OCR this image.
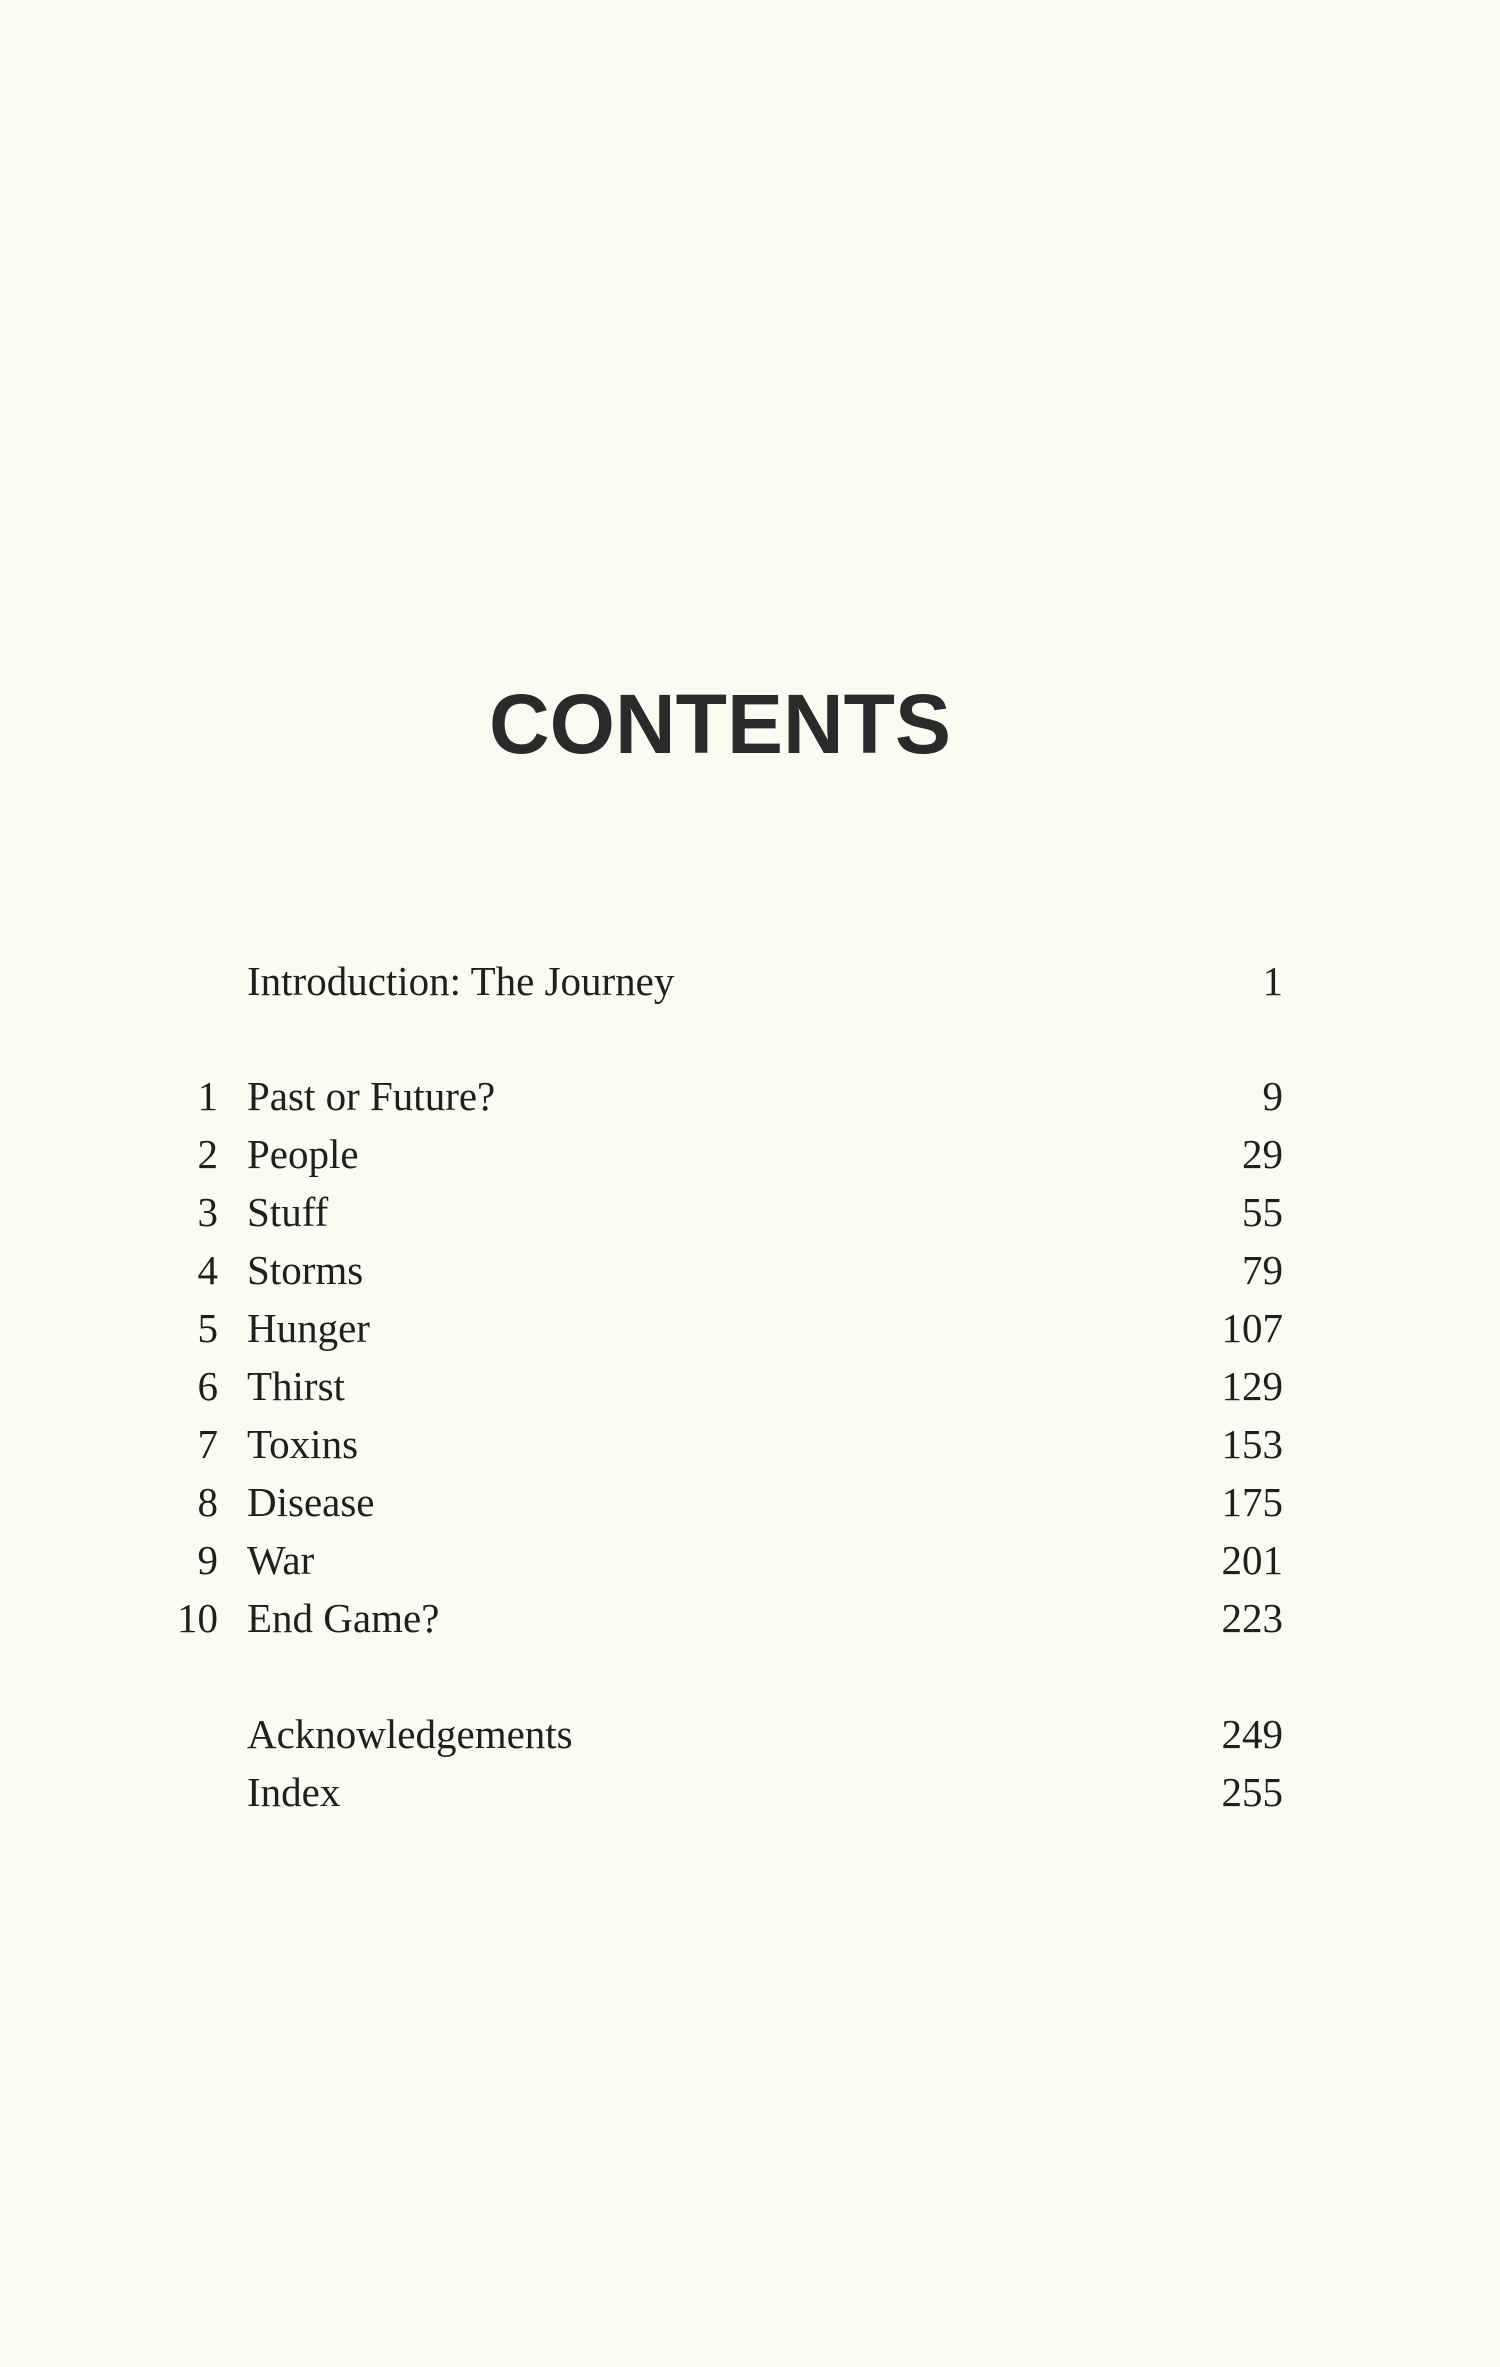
CONTENTS
Introduction: The Journey	1
1 Past or Future?	9
2 People	29
3 Stuff	55
4 Storms	79
5 Hunger	107
6 Thirst	129
7 Toxins	153
8 Disease	175
9 War	201
10 End Game?	223
Acknowledgements	249
Index	255
